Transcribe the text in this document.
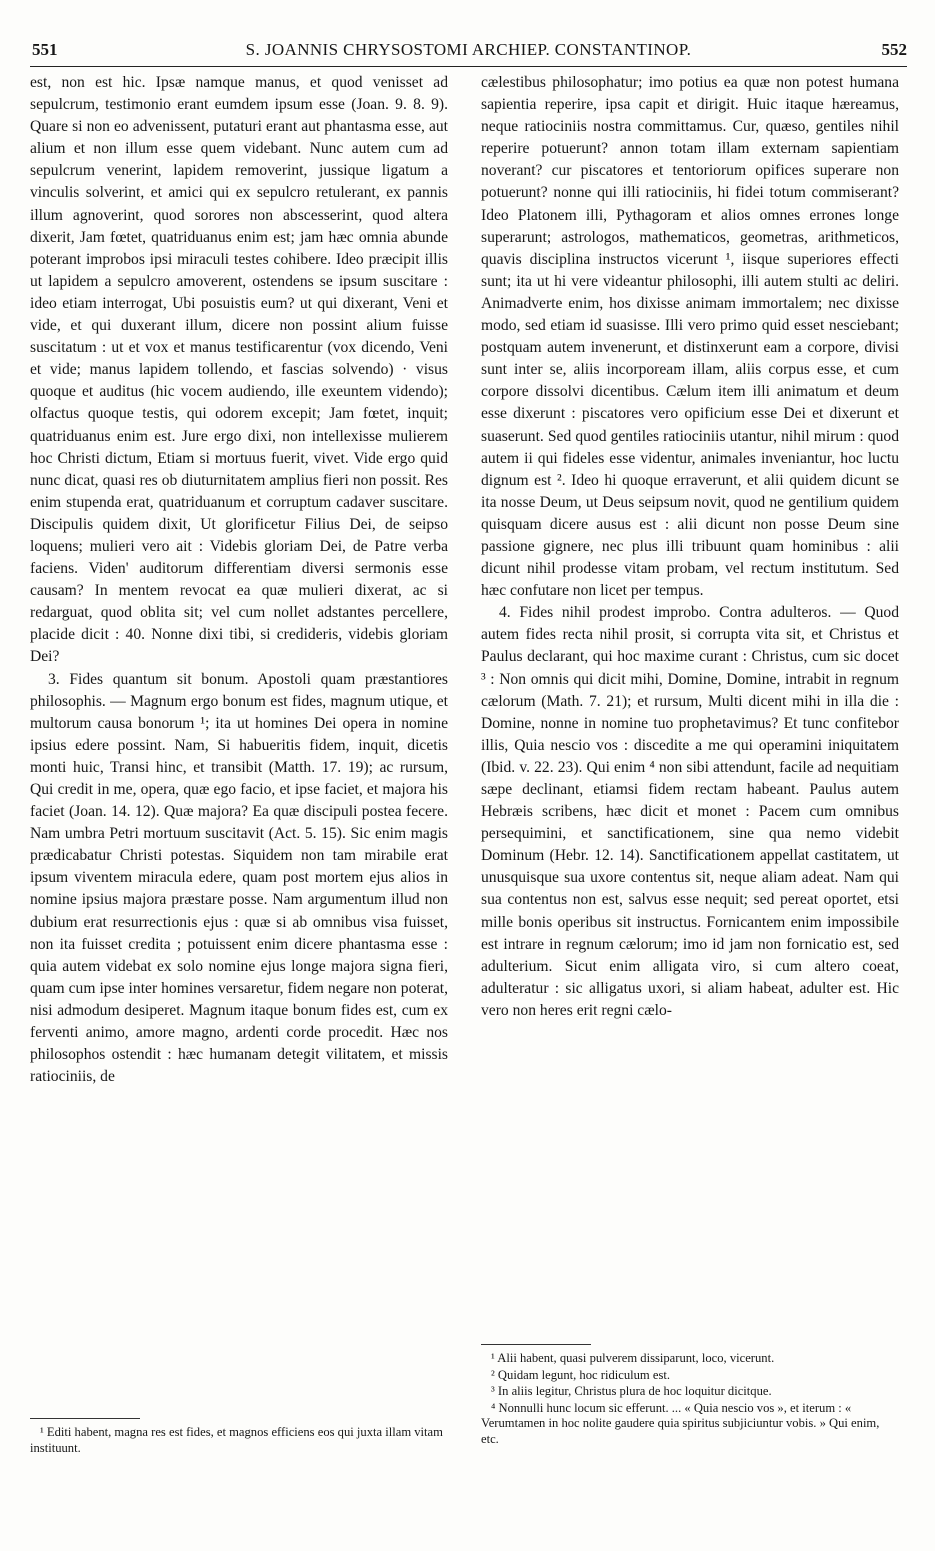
551	S. JOANNIS CHRYSOSTOMI ARCHIEP. CONSTANTINOP.	552

est, non est hic. Ipsæ namque manus, et quod venisset ad sepulcrum, testimonio erant eumdem ipsum esse (Joan. 9. 8. 9). Quare si non eo advenissent, putaturi erant aut phantasma esse, aut alium et non illum esse quem videbant. Nunc autem cum ad sepulcrum venerint, lapidem removerint, jussique ligatum a vinculis solverint, et amici qui ex sepulcro retulerant, ex pannis illum agnoverint, quod sorores non abscesserint, quod altera dixerit, Jam fœtet, quatriduanus enim est; jam hæc omnia abunde poterant improbos ipsi miraculi testes cohibere. Ideo præcipit illis ut lapidem a sepulcro amoverent, ostendens se ipsum suscitare : ideo etiam interrogat, Ubi posuistis eum? ut qui dixerant, Veni et vide, et qui duxerant illum, dicere non possint alium fuisse suscitatum : ut et vox et manus testificarentur (vox dicendo, Veni et vide; manus lapidem tollendo, et fascias solvendo) · visus quoque et auditus (hic vocem audiendo, ille exeuntem videndo); olfactus quoque testis, qui odorem excepit; Jam fœtet, inquit; quatriduanus enim est. Jure ergo dixi, non intellexisse mulierem hoc Christi dictum, Etiam si mortuus fuerit, vivet. Vide ergo quid nunc dicat, quasi res ob diuturnitatem amplius fieri non possit. Res enim stupenda erat, quatriduanum et corruptum cadaver suscitare. Discipulis quidem dixit, Ut glorificetur Filius Dei, de seipso loquens; mulieri vero ait : Videbis gloriam Dei, de Patre verba faciens. Viden' auditorum differentiam diversi sermonis esse causam? In mentem revocat ea quæ mulieri dixerat, ac si redarguat, quod oblita sit; vel cum nollet adstantes percellere, placide dicit : 40. Nonne dixi tibi, si credideris, videbis gloriam Dei?

3. Fides quantum sit bonum. Apostoli quam præstantiores philosophis. — Magnum ergo bonum est fides, magnum utique, et multorum causa bonorum ¹; ita ut homines Dei opera in nomine ipsius edere possint. Nam, Si habueritis fidem, inquit, dicetis monti huic, Transi hinc, et transibit (Matth. 17. 19); ac rursum, Qui credit in me, opera, quæ ego facio, et ipse faciet, et majora his faciet (Joan. 14. 12). Quæ majora? Ea quæ discipuli postea fecere. Nam umbra Petri mortuum suscitavit (Act. 5. 15). Sic enim magis prædicabatur Christi potestas. Siquidem non tam mirabile erat ipsum viventem miracula edere, quam post mortem ejus alios in nomine ipsius majora præstare posse. Nam argumentum illud non dubium erat resurrectionis ejus : quæ si ab omnibus visa fuisset, non ita fuisset credita ; potuissent enim dicere phantasma esse : quia autem videbat ex solo nomine ejus longe majora signa fieri, quam cum ipse inter homines versaretur, fidem negare non poterat, nisi admodum desiperet. Magnum itaque bonum fides est, cum ex ferventi animo, amore magno, ardenti corde procedit. Hæc nos philosophos ostendit : hæc humanam detegit vilitatem, et missis ratiociniis, de

¹ Editi habent, magna res est fides, et magnos efficiens eos qui juxta illam vitam instituunt.

cælestibus philosophatur; imo potius ea quæ non potest humana sapientia reperire, ipsa capit et dirigit. Huic itaque hæreamus, neque ratiociniis nostra committamus. Cur, quæso, gentiles nihil reperire potuerunt? annon totam illam externam sapientiam noverant? cur piscatores et tentoriorum opifices superare non potuerunt? nonne qui illi ratiociniis, hi fidei totum commiserant? Ideo Platonem illi, Pythagoram et alios omnes errones longe superarunt; astrologos, mathematicos, geometras, arithmeticos, quavis disciplina instructos vicerunt ¹, iisque superiores effecti sunt; ita ut hi vere videantur philosophi, illi autem stulti ac deliri. Animadverte enim, hos dixisse animam immortalem; nec dixisse modo, sed etiam id suasisse. Illi vero primo quid esset nesciebant; postquam autem invenerunt, et distinxerunt eam a corpore, divisi sunt inter se, aliis incorpoream illam, aliis corpus esse, et cum corpore dissolvi dicentibus. Cælum item illi animatum et deum esse dixerunt : piscatores vero opificium esse Dei et dixerunt et suaserunt. Sed quod gentiles ratiociniis utantur, nihil mirum : quod autem ii qui fideles esse videntur, animales inveniantur, hoc luctu dignum est ². Ideo hi quoque erraverunt, et alii quidem dicunt se ita nosse Deum, ut Deus seipsum novit, quod ne gentilium quidem quisquam dicere ausus est : alii dicunt non posse Deum sine passione gignere, nec plus illi tribuunt quam hominibus : alii dicunt nihil prodesse vitam probam, vel rectum institutum. Sed hæc confutare non licet per tempus.

4. Fides nihil prodest improbo. Contra adulteros. — Quod autem fides recta nihil prosit, si corrupta vita sit, et Christus et Paulus declarant, qui hoc maxime curant : Christus, cum sic docet ³ : Non omnis qui dicit mihi, Domine, Domine, intrabit in regnum cælorum (Math. 7. 21); et rursum, Multi dicent mihi in illa die : Domine, nonne in nomine tuo prophetavimus? Et tunc confitebor illis, Quia nescio vos : discedite a me qui operamini iniquitatem (Ibid. v. 22. 23). Qui enim ⁴ non sibi attendunt, facile ad nequitiam sæpe declinant, etiamsi fidem rectam habeant. Paulus autem Hebræis scribens, hæc dicit et monet : Pacem cum omnibus persequimini, et sanctificationem, sine qua nemo videbit Dominum (Hebr. 12. 14). Sanctificationem appellat castitatem, ut unusquisque sua uxore contentus sit, neque aliam adeat. Nam qui sua contentus non est, salvus esse nequit; sed pereat oportet, etsi mille bonis operibus sit instructus. Fornicantem enim impossibile est intrare in regnum cælorum; imo id jam non fornicatio est, sed adulterium. Sicut enim alligata viro, si cum altero coeat, adulteratur : sic alligatus uxori, si aliam habeat, adulter est. Hic vero non heres erit regni cælo-

¹ Alii habent, quasi pulverem dissiparunt, loco, vicerunt.

² Quidam legunt, hoc ridiculum est.

³ In aliis legitur, Christus plura de hoc loquitur dicitque.

⁴ Nonnulli hunc locum sic efferunt. ... « Quia nescio vos », et iterum : « Verumtamen in hoc nolite gaudere quia spiritus subjiciuntur vobis. » Qui enim, etc.
